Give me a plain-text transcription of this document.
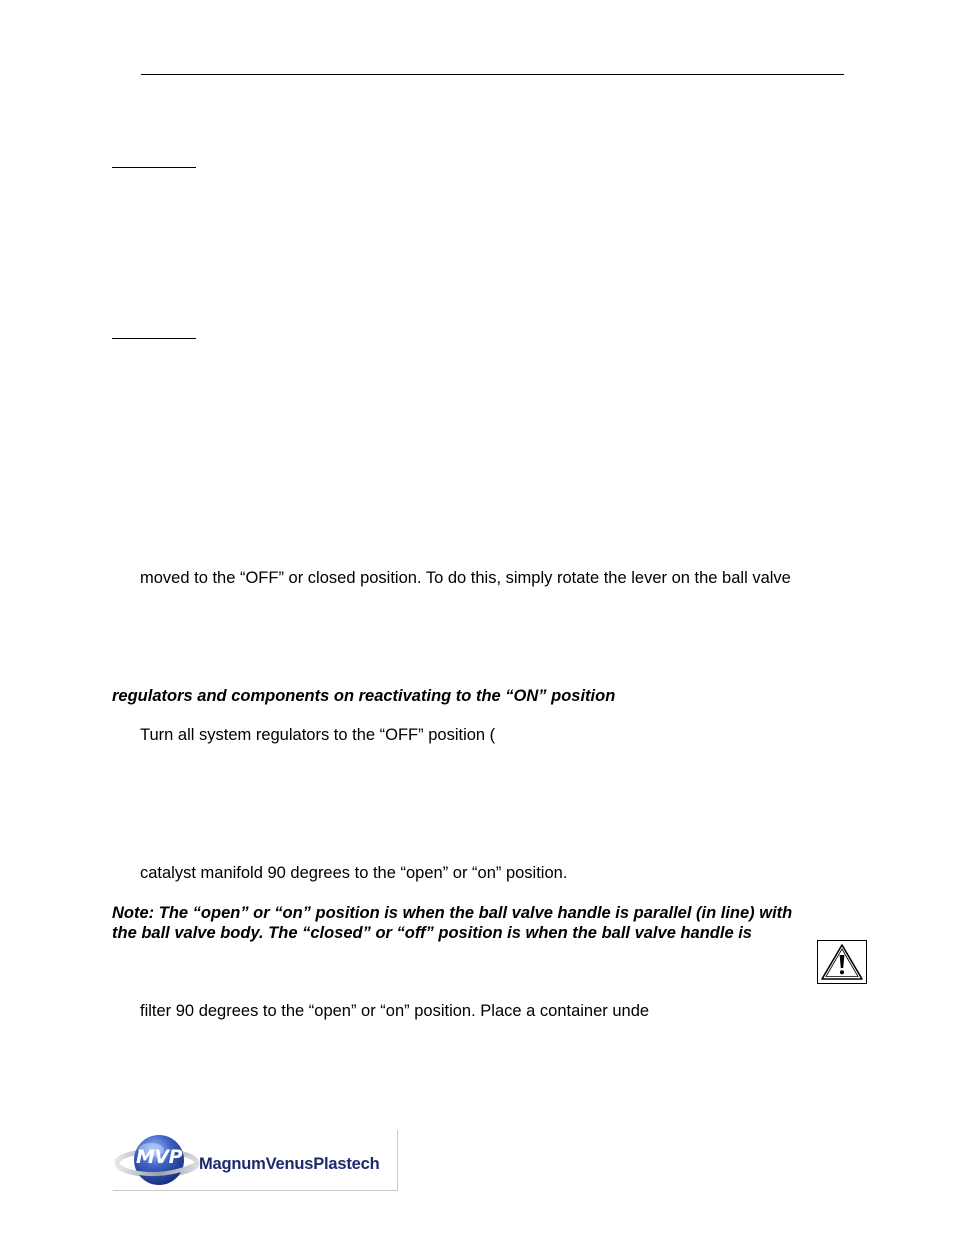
moved to the “OFF” or closed position. To do this, simply rotate the lever on the ball valve
regulators and components on reactivating to the “ON” position
Turn all system regulators to the “OFF” position (
catalyst manifold 90 degrees to the “open” or “on” position.
Note: The “open” or “on” position is when the ball valve handle is parallel (in line) with
the ball valve body. The “closed” or “off” position is when the ball valve handle is
filter 90 degrees to the “open” or “on” position. Place a container unde
MVP	MagnumVenusPlastech
